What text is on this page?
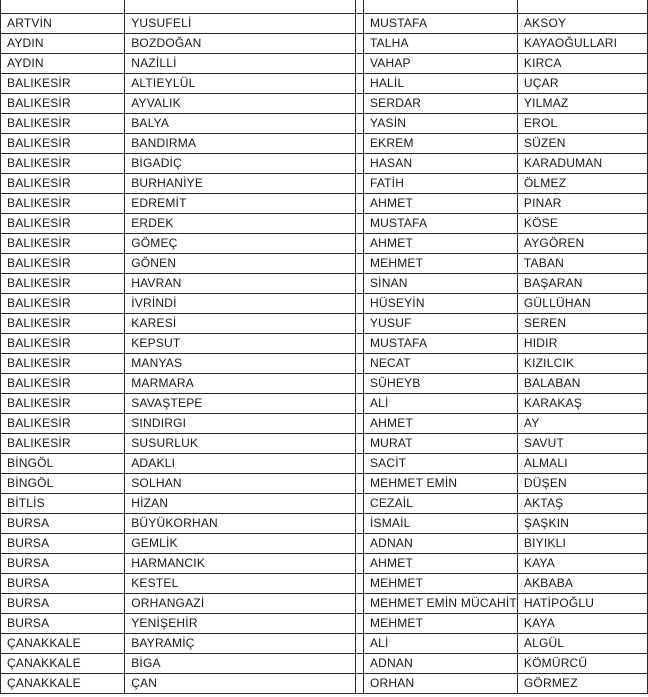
ARTVİN	YUSUFELİ		MUSTAFA	AKSOY
AYDIN	BOZDOĞAN		TALHA	KAYAOĞULLARI
AYDIN	NAZİLLİ		VAHAP	KIRCA
BALIKESİR	ALTIEYLÜL		HALİL	UÇAR
BALIKESİR	AYVALIK		SERDAR	YILMAZ
BALIKESİR	BALYA		YASİN	EROL
BALIKESİR	BANDIRMA		EKREM	SÜZEN
BALIKESİR	BİGADİÇ		HASAN	KARADUMAN
BALIKESİR	BURHANİYE		FATİH	ÖLMEZ
BALIKESİR	EDREMİT		AHMET	PINAR
BALIKESİR	ERDEK		MUSTAFA	KÖSE
BALIKESİR	GÖMEÇ		AHMET	AYGÖREN
BALIKESİR	GÖNEN		MEHMET	TABAN
BALIKESİR	HAVRAN		SİNAN	BAŞARAN
BALIKESİR	İVRİNDİ		HÜSEYİN	GÜLLÜHAN
BALIKESİR	KARESİ		YUSUF	SEREN
BALIKESİR	KEPSUT		MUSTAFA	HIDIR
BALIKESİR	MANYAS		NECAT	KIZILCIK
BALIKESİR	MARMARA		SÜHEYB	BALABAN
BALIKESİR	SAVAŞTEPE		ALİ	KARAKAŞ
BALIKESİR	SINDIRGI		AHMET	AY
BALIKESİR	SUSURLUK		MURAT	SAVUT
BİNGÖL	ADAKLI		SACİT	ALMALI
BİNGÖL	SOLHAN		MEHMET EMİN	DÜŞEN
BİTLİS	HİZAN		CEZAİL	AKTAŞ
BURSA	BÜYÜKORHAN		İSMAİL	ŞAŞKIN
BURSA	GEMLİK		ADNAN	BIYIKLI
BURSA	HARMANCIK		AHMET	KAYA
BURSA	KESTEL		MEHMET	AKBABA
BURSA	ORHANGAZİ		MEHMET EMİN MÜCAHİT	HATİPOĞLU
BURSA	YENİŞEHİR		MEHMET	KAYA
ÇANAKKALE	BAYRAMİÇ		ALİ	ALGÜL
ÇANAKKALE	BİGA		ADNAN	KÖMÜRCÜ
ÇANAKKALE	ÇAN		ORHAN	GÖRMEZ
